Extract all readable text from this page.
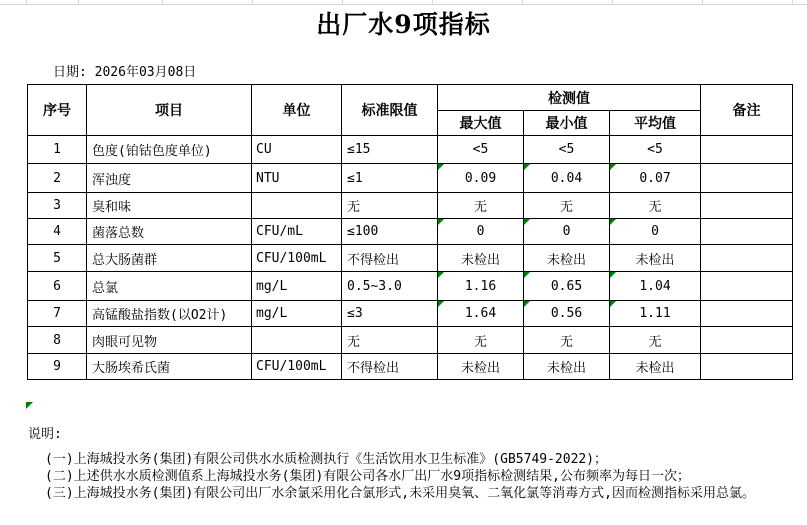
出厂水9项指标
日期: 2026年03月08日
序号	项目	单位	标准限值	检测值			备注
				最大值	最小值	平均值	
1	色度(铂钴色度单位)	CU	≤15	<5	<5	<5	
2	浑浊度	NTU	≤1	0.09	0.04	0.07	
3	臭和味		无	无	无	无	
4	菌落总数	CFU/mL	≤100	0	0	0	
5	总大肠菌群	CFU/100mL	不得检出	未检出	未检出	未检出	
6	总氯	mg/L	0.5~3.0	1.16	0.65	1.04	
7	高锰酸盐指数(以O2计)	mg/L	≤3	1.64	0.56	1.11	
8	肉眼可见物		无	无	无	无	
9	大肠埃希氏菌	CFU/100mL	不得检出	未检出	未检出	未检出	
说明:
(一)上海城投水务(集团)有限公司供水水质检测执行《生活饮用水卫生标准》(GB5749-2022)；
(二)上述供水水质检测值系上海城投水务(集团)有限公司各水厂出厂水9项指标检测结果,公布频率为每日一次；
(三)上海城投水务(集团)有限公司出厂水余氯采用化合氯形式,未采用臭氧、二氧化氯等消毒方式,因而检测指标采用总氯。
